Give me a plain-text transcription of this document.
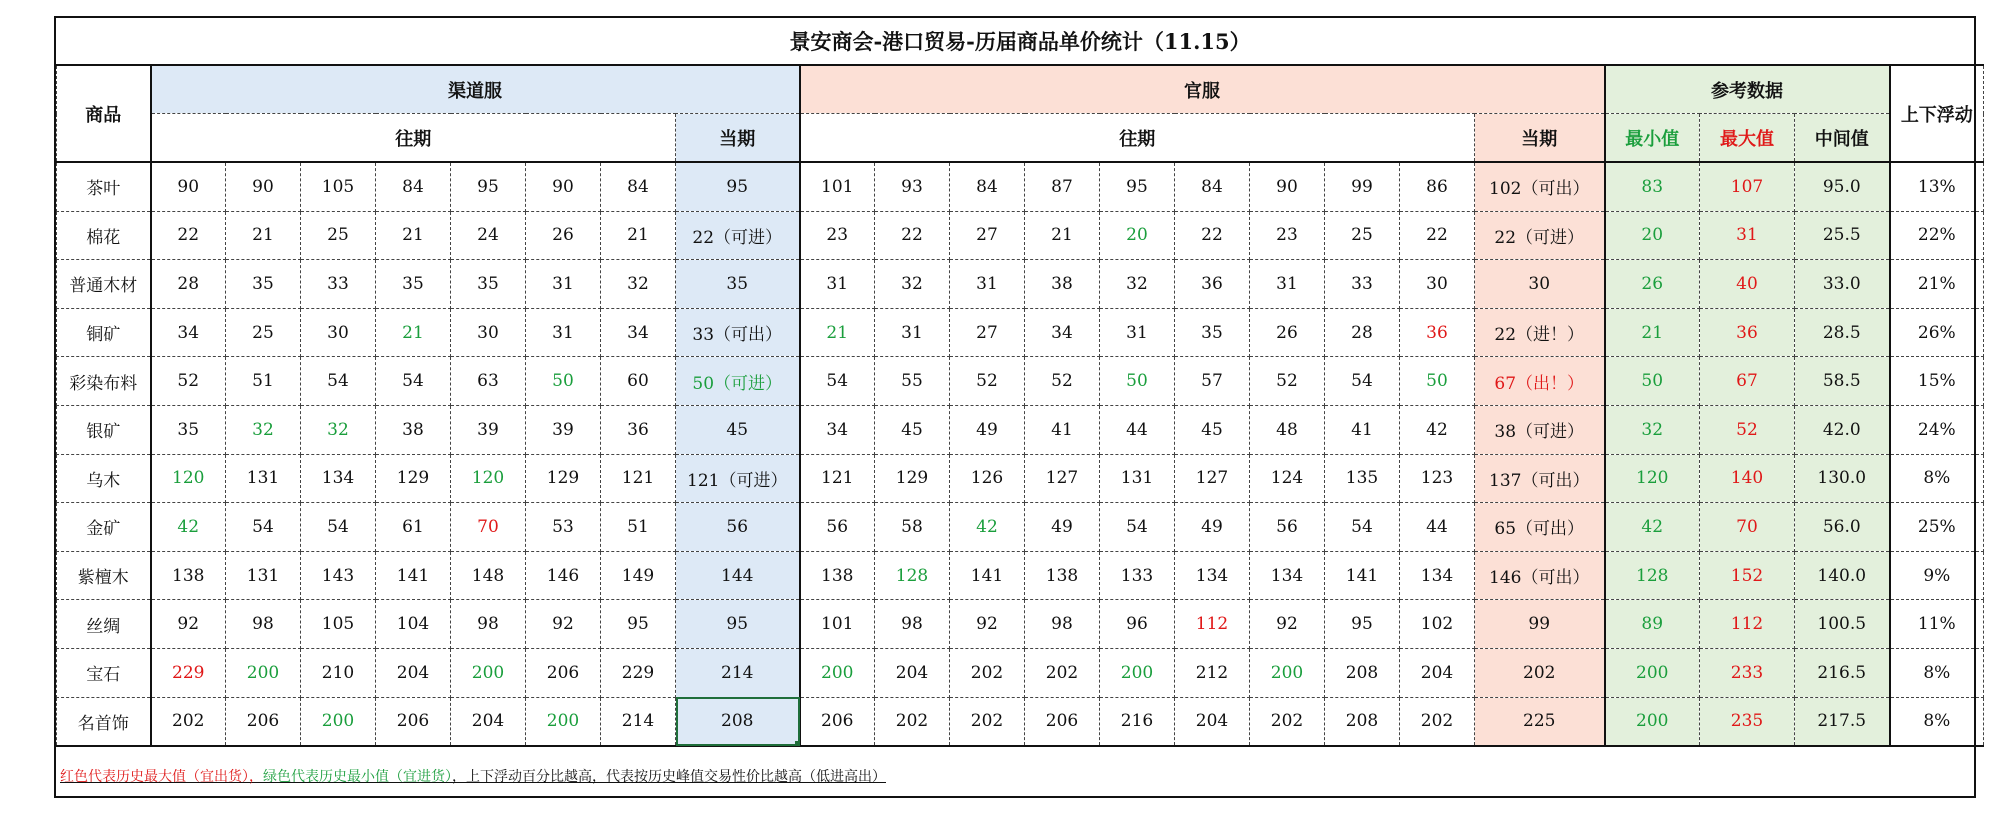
景安商会-港口贸易-历届商品单价统计（11.15）																						
商品	渠道服								官服										参考数据			上下浮动
	往期							当期	往期									当期	最小值	最大值	中间值	
茶叶	90	90	105	84	95	90	84	95	101	93	84	87	95	84	90	99	86	102（可出）	83	107	95.0	13%
棉花	22	21	25	21	24	26	21	22（可进）	23	22	27	21	20	22	23	25	22	22（可进）	20	31	25.5	22%
普通木材	28	35	33	35	35	31	32	35	31	32	31	38	32	36	31	33	30	30	26	40	33.0	21%
铜矿	34	25	30	21	30	31	34	33（可出）	21	31	27	34	31	35	26	28	36	22（进！）	21	36	28.5	26%
彩染布料	52	51	54	54	63	50	60	50（可进）	54	55	52	52	50	57	52	54	50	67（出！）	50	67	58.5	15%
银矿	35	32	32	38	39	39	36	45	34	45	49	41	44	45	48	41	42	38（可进）	32	52	42.0	24%
乌木	120	131	134	129	120	129	121	121（可进）	121	129	126	127	131	127	124	135	123	137（可出）	120	140	130.0	8%
金矿	42	54	54	61	70	53	51	56	56	58	42	49	54	49	56	54	44	65（可出）	42	70	56.0	25%
紫檀木	138	131	143	141	148	146	149	144	138	128	141	138	133	134	134	141	134	146（可出）	128	152	140.0	9%
丝绸	92	98	105	104	98	92	95	95	101	98	92	98	96	112	92	95	102	99	89	112	100.5	11%
宝石	229	200	210	204	200	206	229	214	200	204	202	202	200	212	200	208	204	202	200	233	216.5	8%
名首饰	202	206	200	206	204	200	214	208	206	202	202	206	216	204	202	208	202	225	200	235	217.5	8%
红色代表历史最大值（宜出货），绿色代表历史最小值（宜进货），上下浮动百分比越高，代表按历史峰值交易性价比越高（低进高出）
